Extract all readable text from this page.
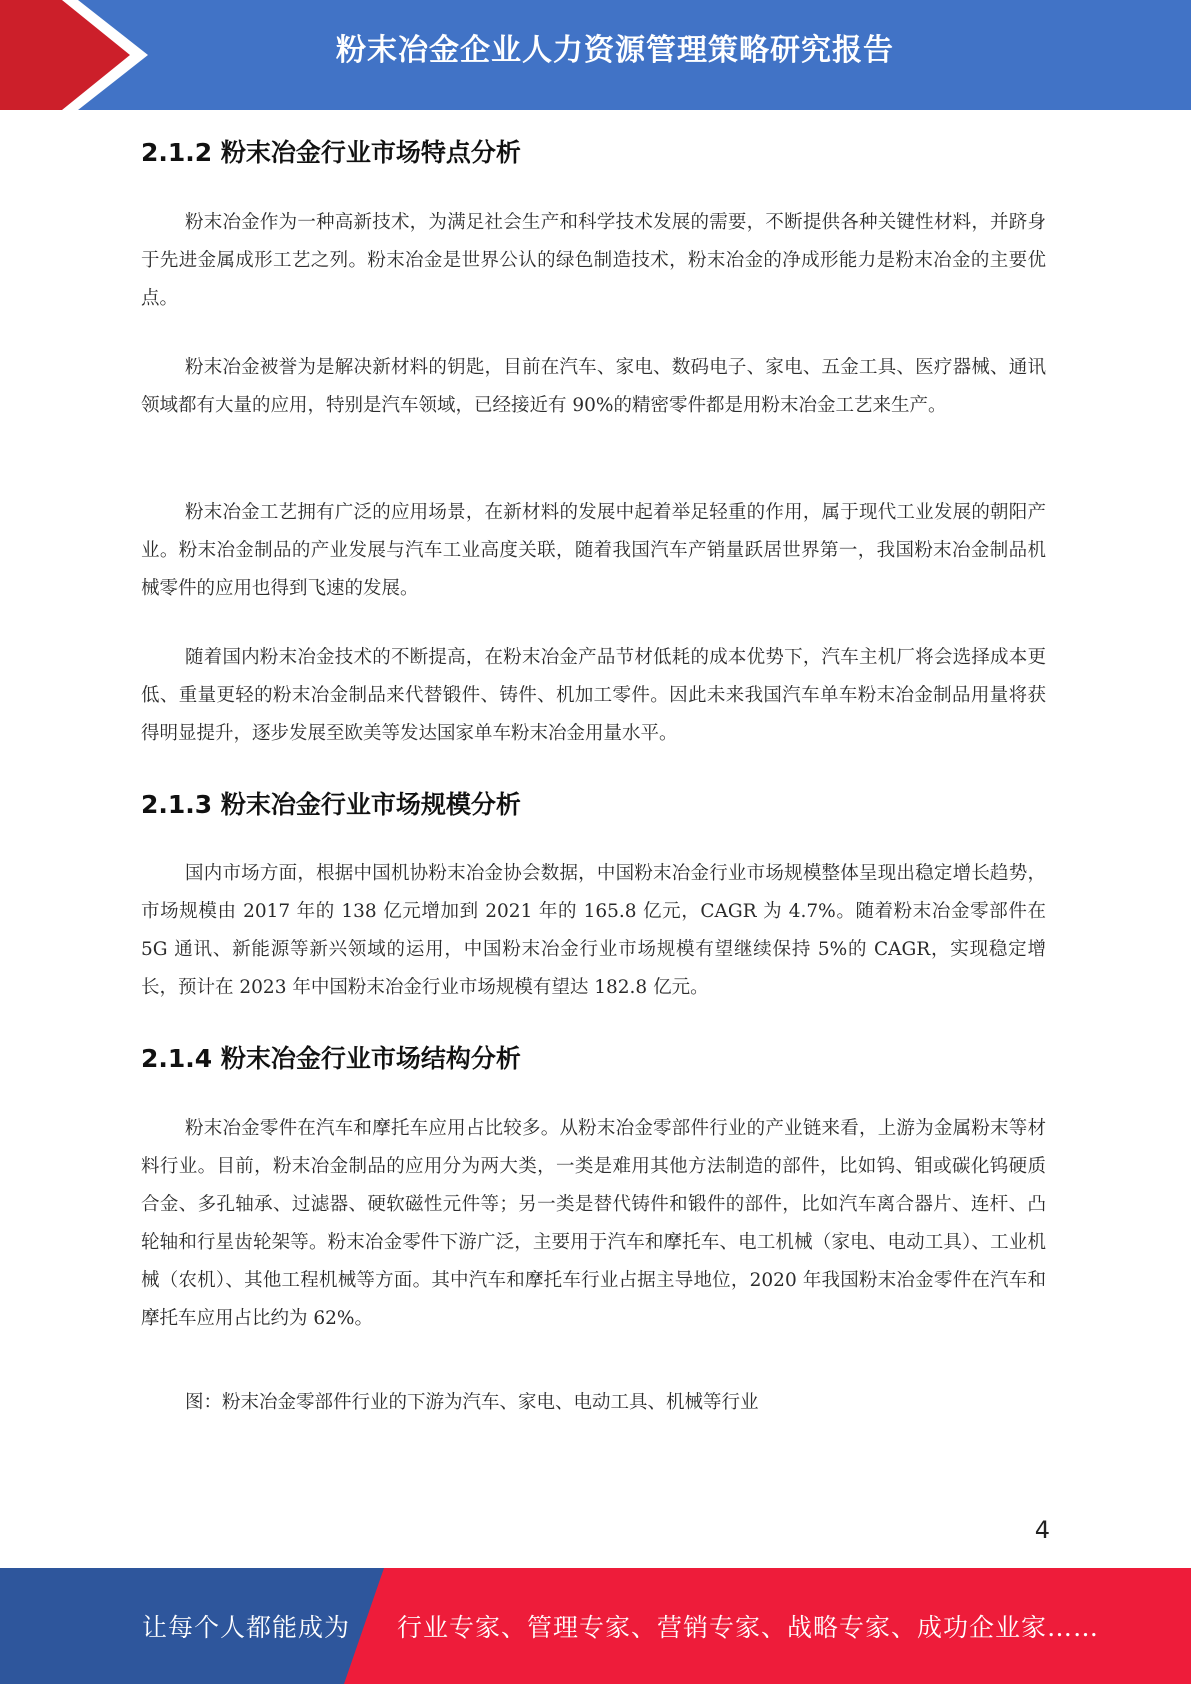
粉末冶金企业人力资源管理策略研究报告
2.1.2 粉末冶金行业市场特点分析

粉末冶金作为一种高新技术，为满足社会生产和科学技术发展的需要，不断提供各种关键性材料，并跻身于先进金属成形工艺之列。粉末冶金是世界公认的绿色制造技术，粉末冶金的净成形能力是粉末冶金的主要优点。

粉末冶金被誉为是解决新材料的钥匙，目前在汽车、家电、数码电子、家电、五金工具、医疗器械、通讯领域都有大量的应用，特别是汽车领域，已经接近有 90%的精密零件都是用粉末冶金工艺来生产。

粉末冶金工艺拥有广泛的应用场景，在新材料的发展中起着举足轻重的作用，属于现代工业发展的朝阳产业。粉末冶金制品的产业发展与汽车工业高度关联，随着我国汽车产销量跃居世界第一，我国粉末冶金制品机械零件的应用也得到飞速的发展。

随着国内粉末冶金技术的不断提高，在粉末冶金产品节材低耗的成本优势下，汽车主机厂将会选择成本更低、重量更轻的粉末冶金制品来代替锻件、铸件、机加工零件。因此未来我国汽车单车粉末冶金制品用量将获得明显提升，逐步发展至欧美等发达国家单车粉末冶金用量水平。

2.1.3 粉末冶金行业市场规模分析

国内市场方面，根据中国机协粉末冶金协会数据，中国粉末冶金行业市场规模整体呈现出稳定增长趋势，市场规模由 2017 年的 138 亿元增加到 2021 年的 165.8 亿元，CAGR 为 4.7%。随着粉末冶金零部件在 5G 通讯、新能源等新兴领域的运用，中国粉末冶金行业市场规模有望继续保持 5%的 CAGR，实现稳定增长，预计在 2023 年中国粉末冶金行业市场规模有望达 182.8 亿元。

2.1.4 粉末冶金行业市场结构分析

粉末冶金零件在汽车和摩托车应用占比较多。从粉末冶金零部件行业的产业链来看，上游为金属粉末等材料行业。目前，粉末冶金制品的应用分为两大类，一类是难用其他方法制造的部件，比如钨、钼或碳化钨硬质合金、多孔轴承、过滤器、硬软磁性元件等；另一类是替代铸件和锻件的部件，比如汽车离合器片、连杆、凸轮轴和行星齿轮架等。粉末冶金零件下游广泛，主要用于汽车和摩托车、电工机械（家电、电动工具）、工业机械（农机）、其他工程机械等方面。其中汽车和摩托车行业占据主导地位，2020 年我国粉末冶金零件在汽车和摩托车应用占比约为 62%。

图：粉末冶金零部件行业的下游为汽车、家电、电动工具、机械等行业

4
让每个人都能成为 行业专家、管理专家、营销专家、战略专家、成功企业家……
